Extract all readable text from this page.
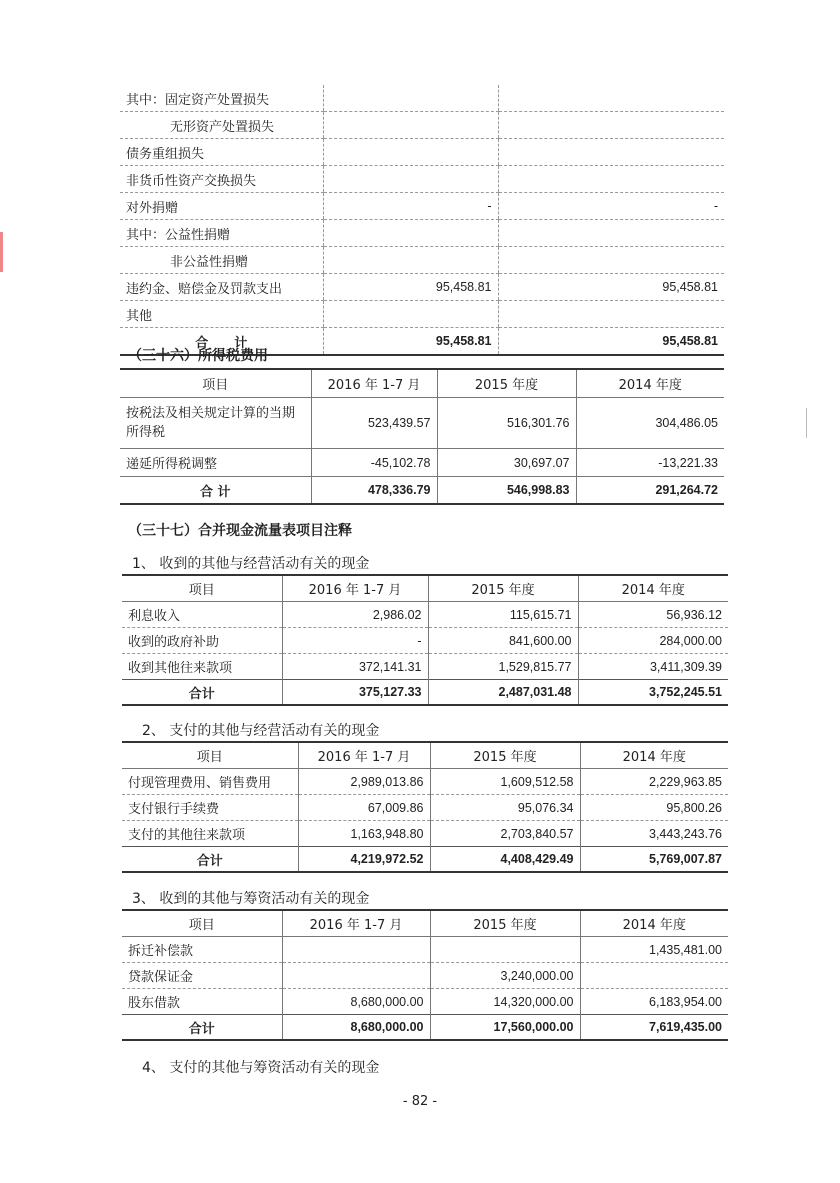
其中：固定资产处置损失		
无形资产处置损失		
债务重组损失		
非货币性资产交换损失		
对外捐赠	-	-
其中：公益性捐赠		
非公益性捐赠		
违约金、赔偿金及罚款支出	95,458.81	95,458.81
其他		
合　　计	95,458.81	95,458.81
（三十六）所得税费用
项目	2016 年 1-7 月	2015 年度	2014 年度
按税法及相关规定计算的当期所得税	523,439.57	516,301.76	304,486.05
递延所得税调整	-45,102.78	30,697.07	-13,221.33
合 计	478,336.79	546,998.83	291,264.72
（三十七）合并现金流量表项目注释
1、 收到的其他与经营活动有关的现金
项目	2016 年 1-7 月	2015 年度	2014 年度
利息收入	2,986.02	115,615.71	56,936.12
收到的政府补助	-	841,600.00	284,000.00
收到其他往来款项	372,141.31	1,529,815.77	3,411,309.39
合计	375,127.33	2,487,031.48	3,752,245.51
2、 支付的其他与经营活动有关的现金
项目	2016 年 1-7 月	2015 年度	2014 年度
付现管理费用、销售费用	2,989,013.86	1,609,512.58	2,229,963.85
支付银行手续费	67,009.86	95,076.34	95,800.26
支付的其他往来款项	1,163,948.80	2,703,840.57	3,443,243.76
合计	4,219,972.52	4,408,429.49	5,769,007.87
3、 收到的其他与筹资活动有关的现金
项目	2016 年 1-7 月	2015 年度	2014 年度
拆迁补偿款			1,435,481.00
贷款保证金		3,240,000.00	
股东借款	8,680,000.00	14,320,000.00	6,183,954.00
合计	8,680,000.00	17,560,000.00	7,619,435.00
4、 支付的其他与筹资活动有关的现金
- 82 -
